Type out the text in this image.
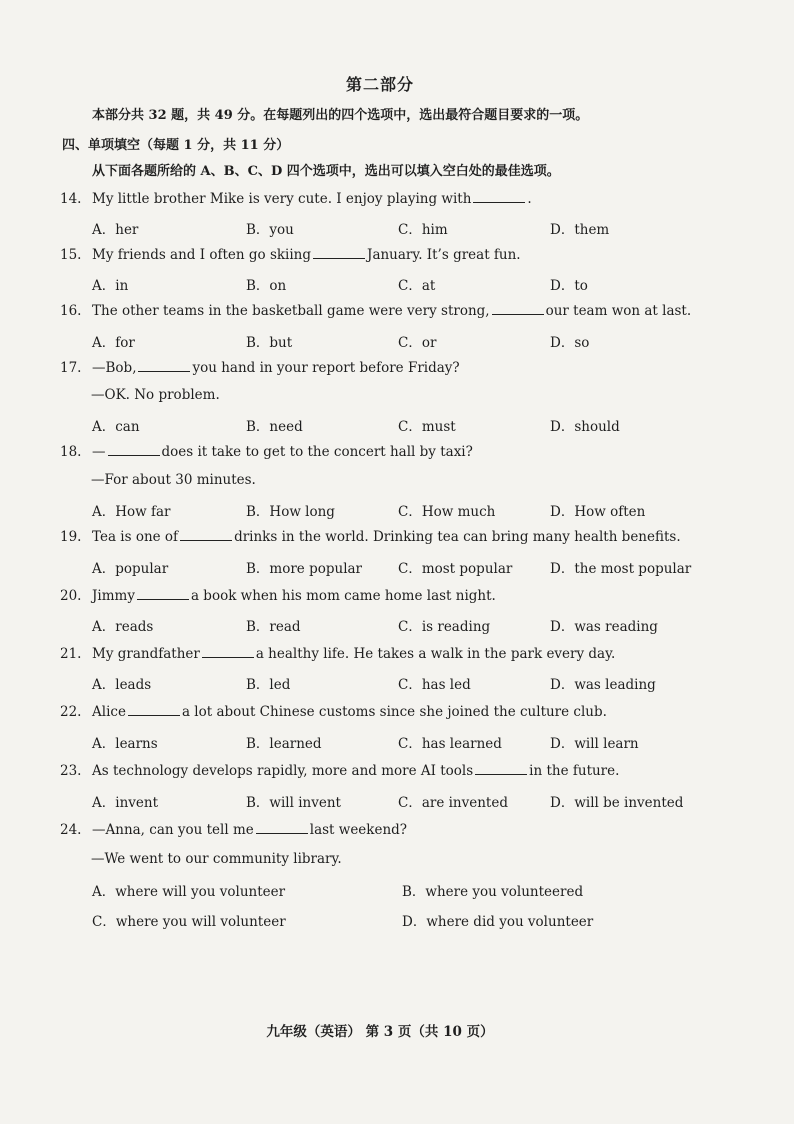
第二部分
本部分共 32 题，共 49 分。在每题列出的四个选项中，选出最符合题目要求的一项。
四、单项填空（每题 1 分，共 11 分）
从下面各题所给的 A、B、C、D 四个选项中，选出可以填入空白处的最佳选项。
14. My little brother Mike is very cute. I enjoy playing with	.
A．her	B．you	C．him	D．them
15. My friends and I often go skiing	January. It’s great fun.
A．in	B．on	C．at	D．to
16. The other teams in the basketball game were very strong,	our team won at last.
A．for	B．but	C．or	D．so
17. —Bob,	you hand in your report before Friday?
—OK. No problem.
A．can	B．need	C．must	D．should
18. —	does it take to get to the concert hall by taxi?
—For about 30 minutes.
A．How far	B．How long	C．How much	D．How often
19. Tea is one of	drinks in the world. Drinking tea can bring many health benefits.
A．popular	B．more popular	C．most popular	D．the most popular
20. Jimmy	a book when his mom came home last night.
A．reads	B．read	C．is reading	D．was reading
21. My grandfather	a healthy life. He takes a walk in the park every day.
A．leads	B．led	C．has led	D．was leading
22. Alice	a lot about Chinese customs since she joined the culture club.
A．learns	B．learned	C．has learned	D．will learn
23. As technology develops rapidly, more and more AI tools	in the future.
A．invent	B．will invent	C．are invented	D．will be invented
24. —Anna, can you tell me	last weekend?
—We went to our community library.
A．where will you volunteer	B．where you volunteered
C．where you will volunteer	D．where did you volunteer
九年级（英语） 第 3 页（共 10 页）
